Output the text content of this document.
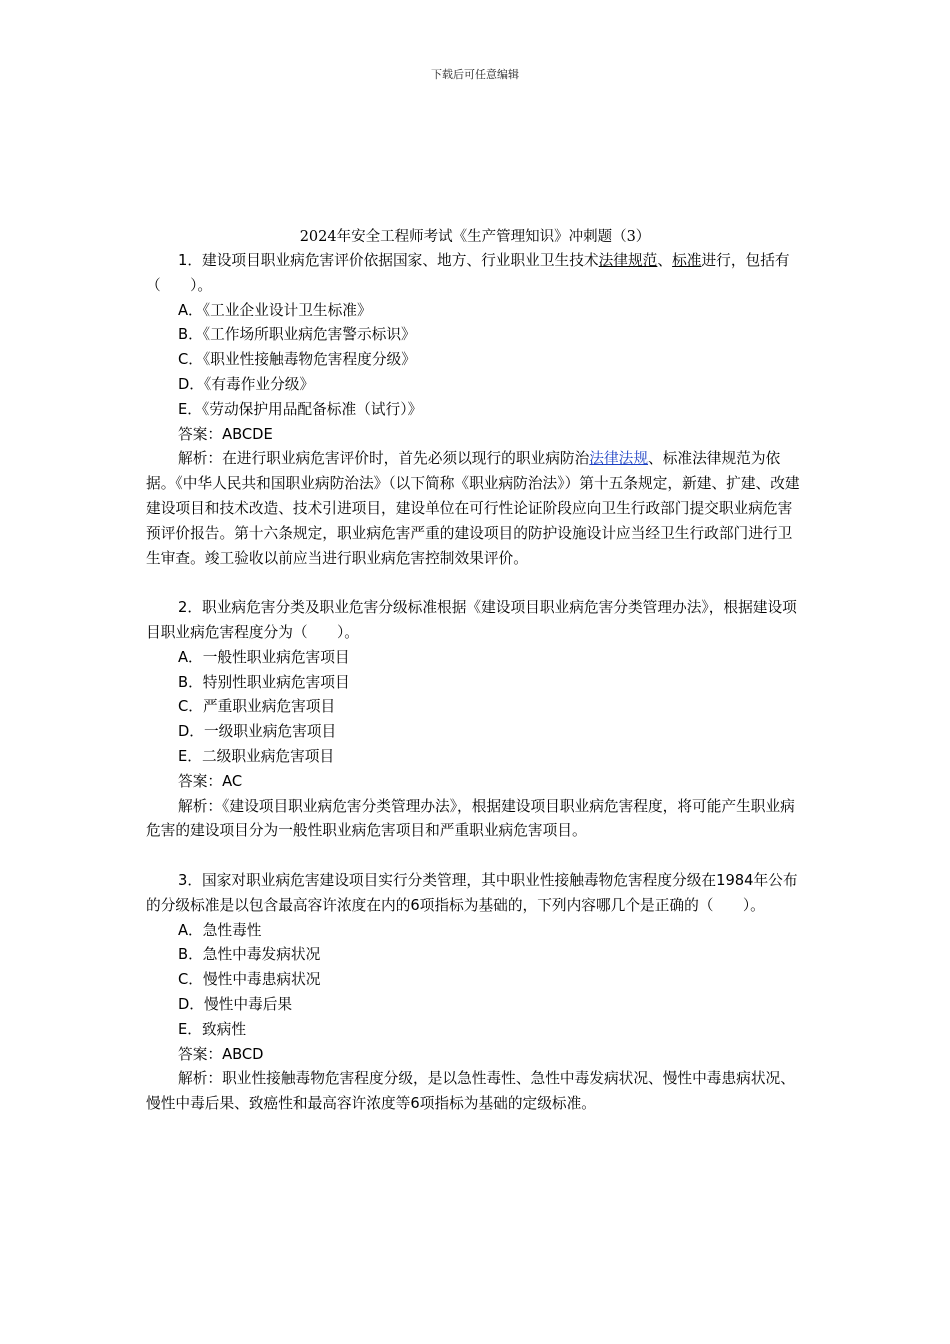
下载后可任意编辑
2024年安全工程师考试《生产管理知识》冲刺题（3）

1．建设项目职业病危害评价依据国家、地方、行业职业卫生技术法律规范、标准进行，包括有（　　）。

A．《工业企业设计卫生标准》

B．《工作场所职业病危害警示标识》

C．《职业性接触毒物危害程度分级》

D．《有毒作业分级》

E．《劳动保护用品配备标准（试行）》

答案：ABCDE

解析：在进行职业病危害评价时，首先必须以现行的职业病防治法律法规、标准法律规范为依据。《中华人民共和国职业病防治法》（以下简称《职业病防治法》）第十五条规定，新建、扩建、改建建设项目和技术改造、技术引进项目，建设单位在可行性论证阶段应向卫生行政部门提交职业病危害预评价报告。第十六条规定，职业病危害严重的建设项目的防护设施设计应当经卫生行政部门进行卫生审查。竣工验收以前应当进行职业病危害控制效果评价。

2．职业病危害分类及职业危害分级标准根据《建设项目职业病危害分类管理办法》，根据建设项目职业病危害程度分为（　　）。

A．一般性职业病危害项目

B．特别性职业病危害项目

C．严重职业病危害项目

D．一级职业病危害项目

E．二级职业病危害项目

答案：AC

解析：《建设项目职业病危害分类管理办法》，根据建设项目职业病危害程度，将可能产生职业病危害的建设项目分为一般性职业病危害项目和严重职业病危害项目。

3．国家对职业病危害建设项目实行分类管理，其中职业性接触毒物危害程度分级在1984年公布的分级标准是以包含最高容许浓度在内的6项指标为基础的，下列内容哪几个是正确的（　　）。

A．急性毒性

B．急性中毒发病状况

C．慢性中毒患病状况

D．慢性中毒后果

E．致病性

答案：ABCD

解析：职业性接触毒物危害程度分级，是以急性毒性、急性中毒发病状况、慢性中毒患病状况、慢性中毒后果、致癌性和最高容许浓度等6项指标为基础的定级标准。
